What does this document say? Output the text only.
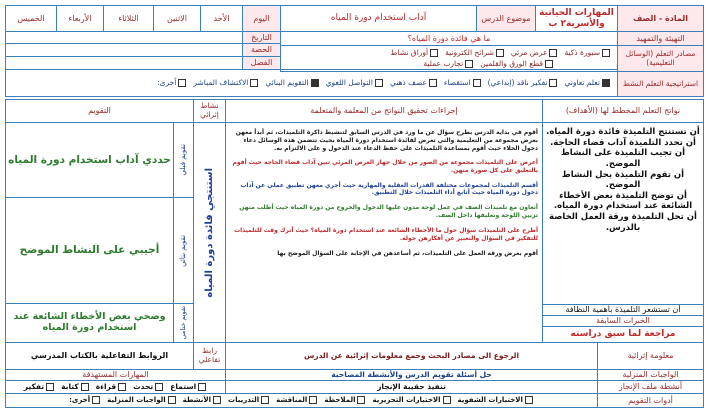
المادة - الصف
المهارات الحياتية والأسرية٢ ب
موضوع الدرس
آداب استخدام دورة المياه
اليوم
الأحد
الاثنين
الثلاثاء
الأربعاء
الخميس
التاريخ
الحصة
الفصل
التهيئة والتمهيد
ما هي فائدة دورة المياه؟
مصادر التعلم (الوسائل التعليمية)
سبورة ذكية
عرض مرئي
شرائح الكترونية
أوراق نشاط
قطع الورق والقلمين
تجارب عملية
استراتيجية التعلم النشط
تعلم تعاوني
تفكير ناقد (إبداعي)
استقصاء
عصف ذهني
التواصل اللغوي
التقويم البنائي
الاكتشاف المباشر
أخرى:
نواتج التعلم المخطط لها (الأهداف)
إجراءات تحقيق النواتج من المعلمة والمتعلمة
نشاط إثرائي
التقويم
أن تستنتج التلميذة فائدة دورة المياه.
أن تحدد التلميذة آداب قضاء الحاجة.
أن تجيب التلميذة على النشاط الموضح.
أن تقوم التلميذة بحل النشاط الموضح.
أن توضح التلميذة بعض الأخطاء الشائعة عند استخدام دورة المياه.
أن تحل التلميذة ورقة العمل الخاصة بالدرس.
أن تستشعر التلميذة بأهمية النظافة
أقوم في بداية الدرس بطرح سؤال عن ما ورد في الدرس السابق لتنشيط ذاكرة التلميذات، ثم أبدأ معهن بعرض مجموعة من التعليمية والتي تعرض لفائدة استخدام دورة المياه بحيث تتضمن هذه الوسائل دعاء دخول الخلاء حيث أقوم بمساعدة التلميذات على حفظ الدعاء عند الدخول و على الالتزام به.
أعرض على التلميذات مجموعة من الصور من خلال جهاز العرض المرئي تبين آداب قضاء الحاجة حيث أقوم بالتعليق على كل صورة منهن.
أقسم التلميذات لمجموعات مختلفة القدرات العقلية والمهارية حيث أجري معهن تطبيق عملي عن آداب دخول دورة المياه حيث أتابع أداء التلميذات خلال التطبيق.
أتعاون مع تلميذات الصف في عمل لوحة مدون عليها الدخول والخروج من دورة المياه حيث أطلب منهن تزيين اللوحة وتعليقها داخل الصف.
أطرح على التلميذات سؤال حول ما الأخطاء الشائعة عند استخدام دورة المياه؟ حيث أترك وقت للتلميذات للتفكير في السؤال والتعبير عن أفكارهن حوله.
أقوم بعرض ورقة العمل على التلميذات، ثم أساعدهن في الإجابة على السؤال الموضح بها
استنتجي فائدة دورة المياه
تقويم قبلي
حددي آداب استخدام دورة المياه
تقويم بنائي
أجيبي على النشاط الموضح
تقويم ختامي
وضحي بعض الأخطاء الشائعة عند استخدام دورة المياه
الخبرات السابقة
مراجعة لما سبق دراسته
معلومة إثرائية
الرجوع الى مصادر البحث وجمع معلومات إثرائية عن الدرس
رابط تفاعلي
الروابط التفاعلية بالكتاب المدرسي
الواجبات المنزلية
حل أسئلة تقويم الدرس والأنشطة المصاحبة
المهارات المستهدفة
أنشطة ملف الإنجاز
تنفيذ حقيبة الإنجاز
استماع
تحدث
قراءة
كتابة
تفكير
أدوات التقويم
الاختبارات الشفوية
الاختبارات التحريرية
الملاحظة
المناقشة
التدريبات
الأنشطة
الواجبات المنزلية
أخرى:
